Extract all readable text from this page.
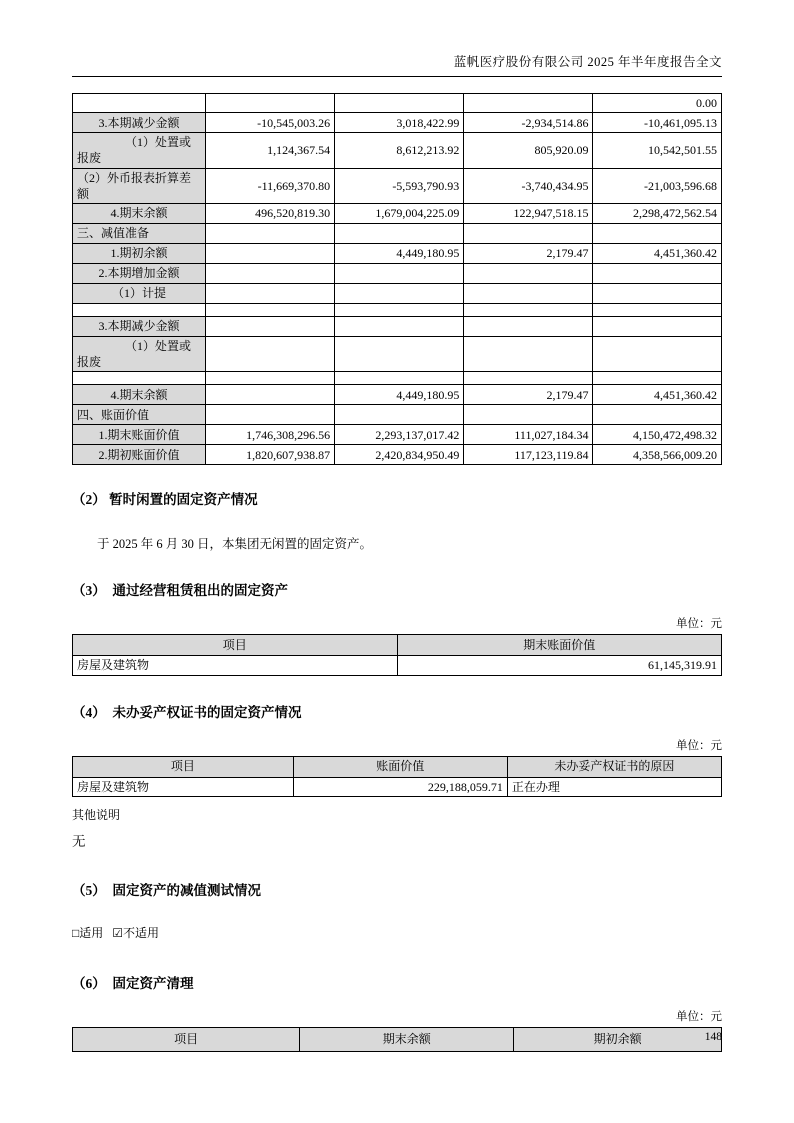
蓝帆医疗股份有限公司 2025 年半年度报告全文
				0.00
3.本期减少金额	-10,545,003.26	3,018,422.99	-2,934,514.86	-10,461,095.13
（1）处置或报废	1,124,367.54	8,612,213.92	805,920.09	10,542,501.55
（2）外币报表折算差额	-11,669,370.80	-5,593,790.93	-3,740,434.95	-21,003,596.68
4.期末余额	496,520,819.30	1,679,004,225.09	122,947,518.15	2,298,472,562.54
三、减值准备				
1.期初余额		4,449,180.95	2,179.47	4,451,360.42
2.本期增加金额				
（1）计提				

3.本期减少金额				
（1）处置或报废				

4.期末余额		4,449,180.95	2,179.47	4,451,360.42
四、账面价值				
1.期末账面价值	1,746,308,296.56	2,293,137,017.42	111,027,184.34	4,150,472,498.32
2.期初账面价值	1,820,607,938.87	2,420,834,950.49	117,123,119.84	4,358,566,009.20
（2） 暂时闲置的固定资产情况

于 2025 年 6 月 30 日，本集团无闲置的固定资产。

（3）　通过经营租赁租出的固定资产
单位：元
项目	期末账面价值
房屋及建筑物	61,145,319.91
（4）　未办妥产权证书的固定资产情况
单位：元
项目	账面价值	未办妥产权证书的原因
房屋及建筑物	229,188,059.71	正在办理
其他说明
无
（5）　固定资产的减值测试情况
□适用 ☑不适用
（6）　固定资产清理
单位：元
项目	期末余额	期初余额	148
